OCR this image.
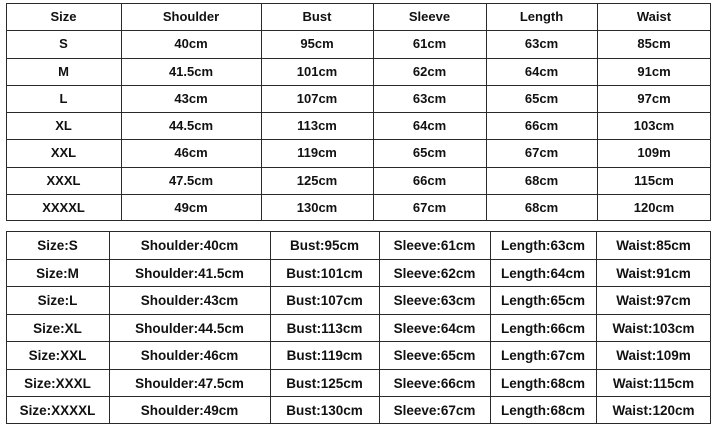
Size	Shoulder	Bust	Sleeve	Length	Waist
S	40cm	95cm	61cm	63cm	85cm
M	41.5cm	101cm	62cm	64cm	91cm
L	43cm	107cm	63cm	65cm	97cm
XL	44.5cm	113cm	64cm	66cm	103cm
XXL	46cm	119cm	65cm	67cm	109m
XXXL	47.5cm	125cm	66cm	68cm	115cm
XXXXL	49cm	130cm	67cm	68cm	120cm
Size:S	Shoulder:40cm	Bust:95cm	Sleeve:61cm	Length:63cm	Waist:85cm
Size:M	Shoulder:41.5cm	Bust:101cm	Sleeve:62cm	Length:64cm	Waist:91cm
Size:L	Shoulder:43cm	Bust:107cm	Sleeve:63cm	Length:65cm	Waist:97cm
Size:XL	Shoulder:44.5cm	Bust:113cm	Sleeve:64cm	Length:66cm	Waist:103cm
Size:XXL	Shoulder:46cm	Bust:119cm	Sleeve:65cm	Length:67cm	Waist:109m
Size:XXXL	Shoulder:47.5cm	Bust:125cm	Sleeve:66cm	Length:68cm	Waist:115cm
Size:XXXXL	Shoulder:49cm	Bust:130cm	Sleeve:67cm	Length:68cm	Waist:120cm
